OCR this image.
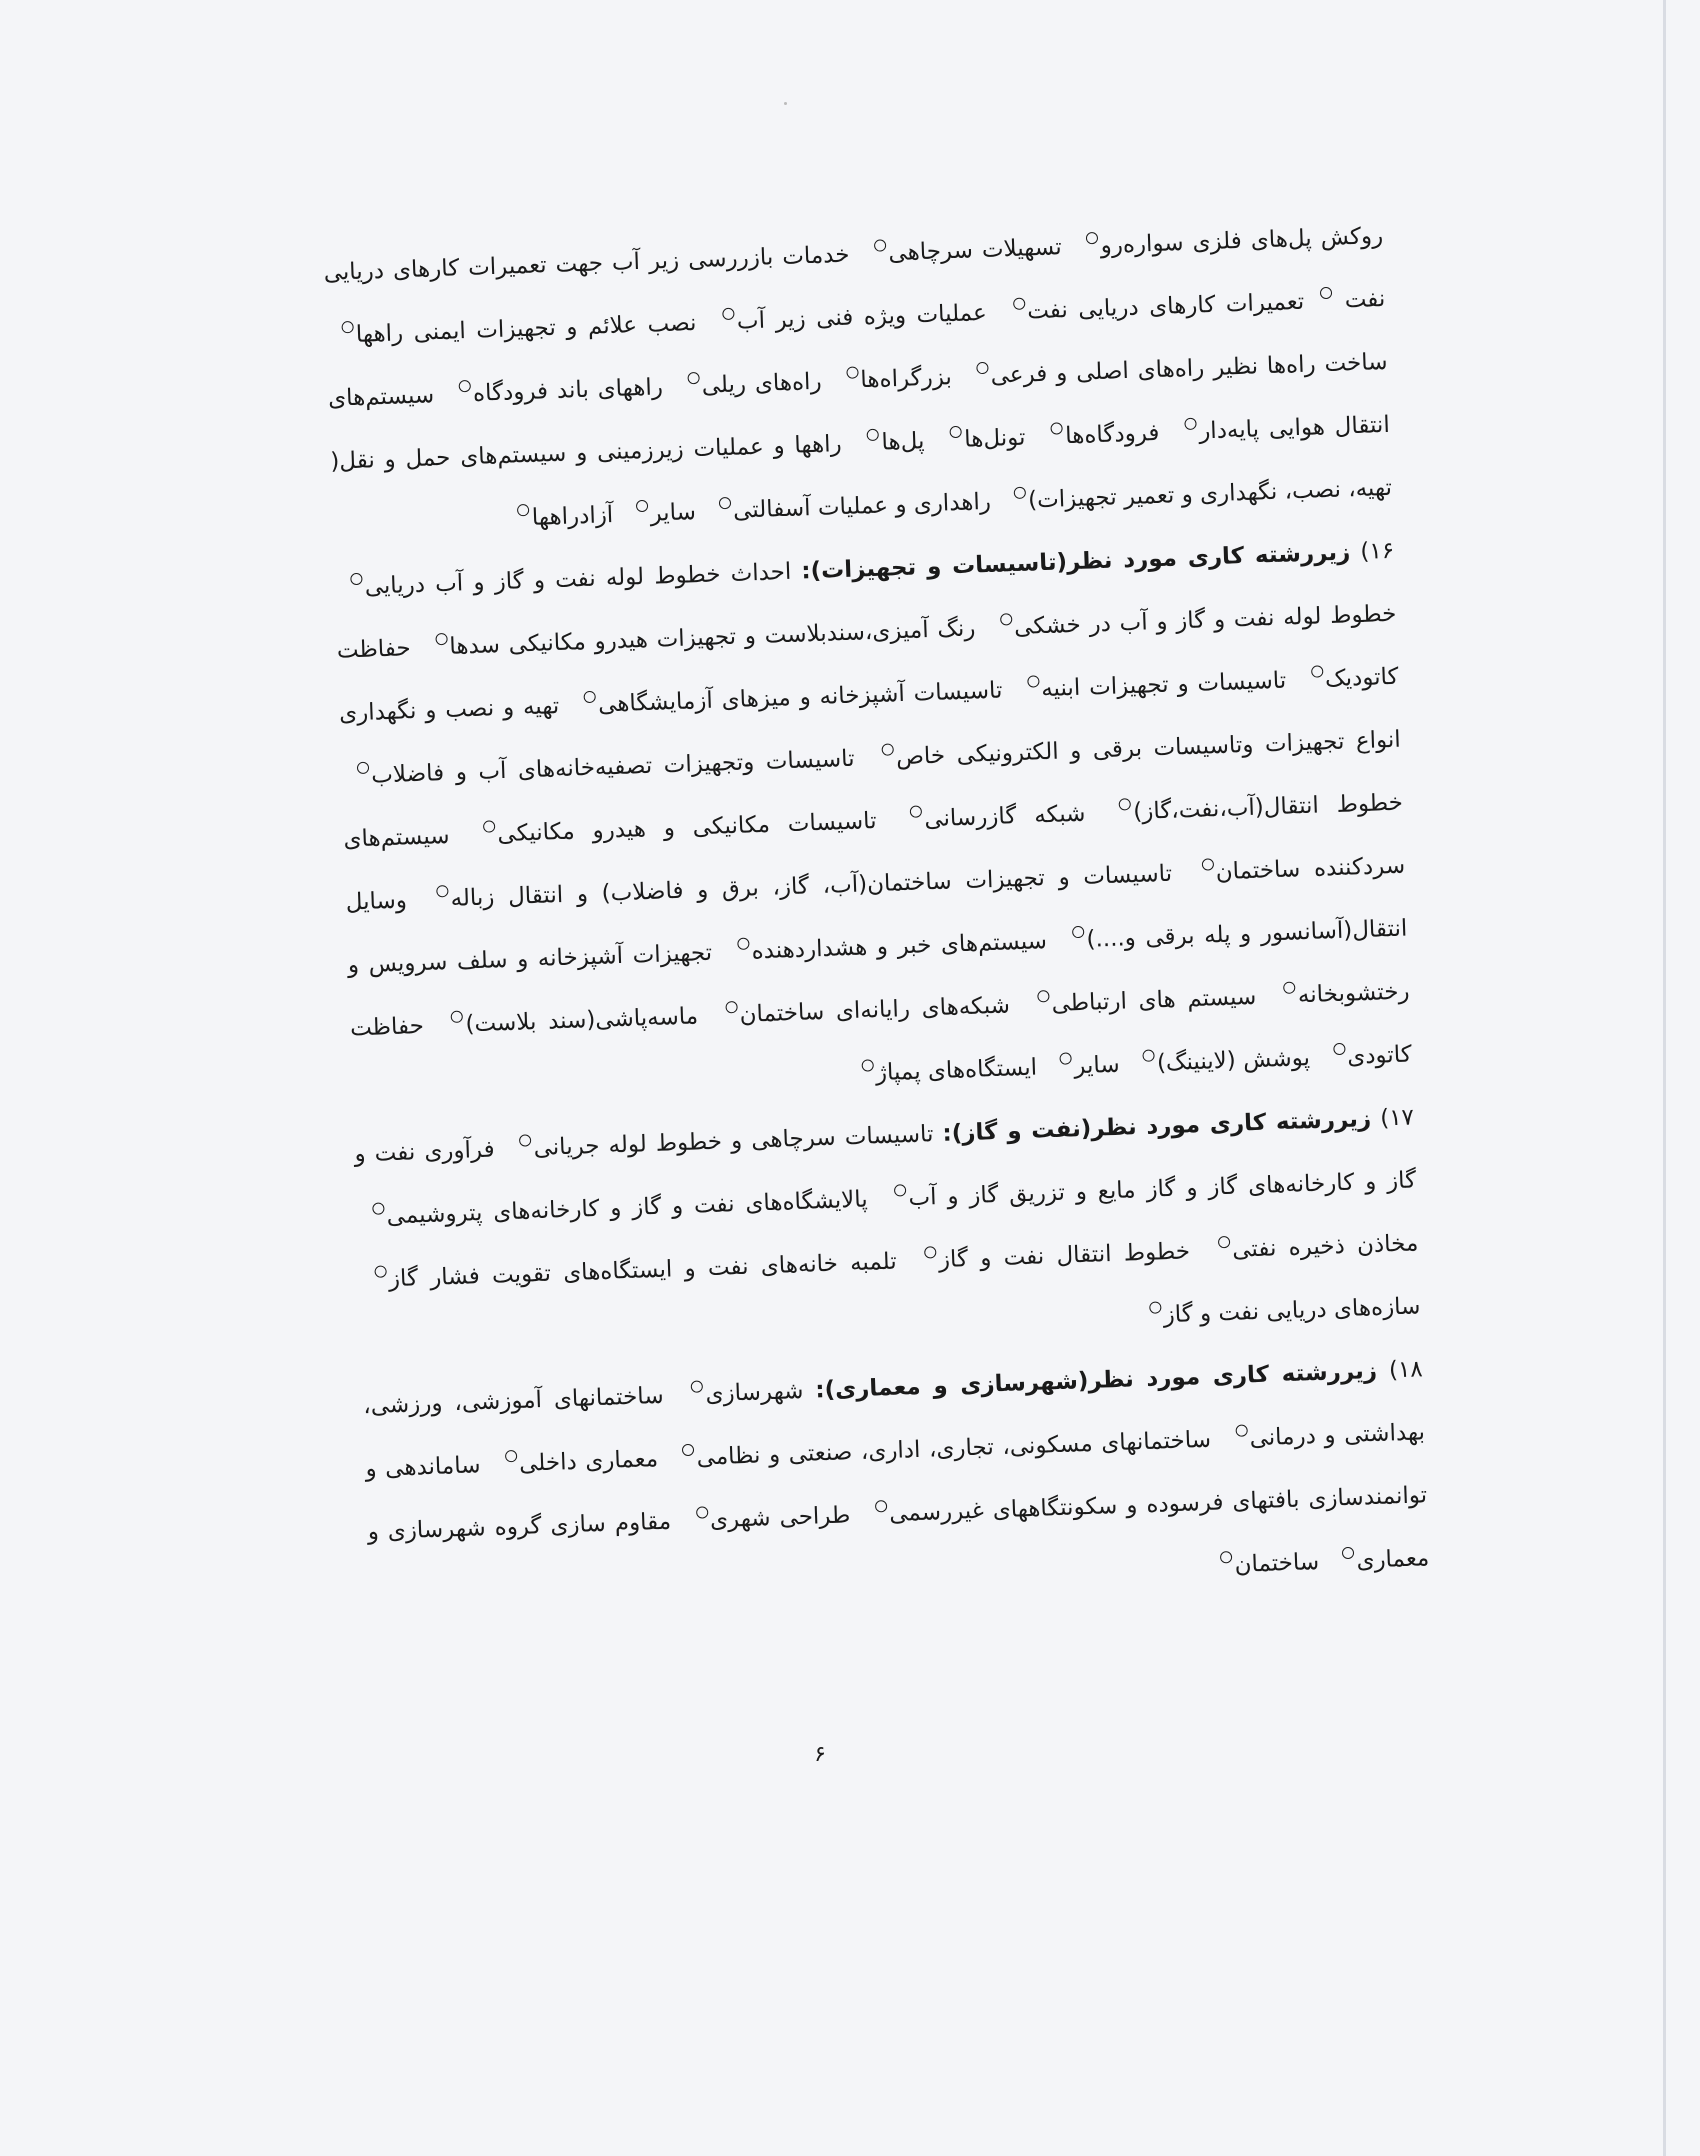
روکش پل‌های فلزی سواره‌رو تسهیلات سرچاهی خدمات بازررسی زیر آب جهت تعمیرات کارهای دریایی نفت تعمیرات کارهای دریایی نفت عملیات ویژه فنی زیر آب نصب علائم و تجهیزات ایمنی راهها ساخت راه‌ها نظیر راه‌های اصلی و فرعی بزرگراه‌ها راه‌های ریلی راههای باند فرودگاه سیستم‌های انتقال هوایی پایه‌دار فرودگاه‌ها تونل‌ها پل‌ها راهها و عملیات زیرزمینی و سیستم‌های حمل و نقل( تهیه، نصب، نگهداری و تعمیر تجهیزات) راهداری و عملیات آسفالتی سایر آزادراهها

۱۶) زیررشته کاری مورد نظر(تاسیسات و تجهیزات): احداث خطوط لوله نفت و گاز و آب دریایی خطوط لوله نفت و گاز و آب در خشکی رنگ آمیزی،سندبلاست و تجهیزات هیدرو مکانیکی سدها حفاظت کاتودیک تاسیسات و تجهیزات ابنیه تاسیسات آشپزخانه و میزهای آزمایشگاهی تهیه و نصب و نگهداری انواع تجهیزات وتاسیسات برقی و الکترونیکی خاص تاسیسات وتجهیزات تصفیه‌خانه‌های آب و فاضلاب خطوط انتقال(آب،نفت،گاز) شبکه گازرسانی تاسیسات مکانیکی و هیدرو مکانیکی سیستم‌های سردکننده ساختمان تاسیسات و تجهیزات ساختمان(آب، گاز، برق و فاضلاب) و انتقال زباله وسایل انتقال(آسانسور و پله برقی و....) سیستم‌های خبر و هشداردهنده تجهیزات آشپزخانه و سلف سرویس و رختشوبخانه سیستم های ارتباطی شبکه‌های رایانه‌ای ساختمان ماسه‌پاشی(سند بلاست) حفاظت کاتودی پوشش (لاینینگ) سایر ایستگاه‌های پمپاژ

۱۷) زیررشته کاری مورد نظر(نفت و گاز): تاسیسات سرچاهی و خطوط لوله جریانی فرآوری نفت و گاز و کارخانه‌های گاز و گاز مایع و تزریق گاز و آب پالایشگاه‌های نفت و گاز و کارخانه‌های پتروشیمی مخاذن ذخیره نفتی خطوط انتقال نفت و گاز تلمبه خانه‌های نفت و ایستگاه‌های تقویت فشار گاز سازه‌های دریایی نفت و گاز

۱۸) زیررشته کاری مورد نظر(شهرسازی و معماری): شهرسازی ساختمانهای آموزشی، ورزشی، بهداشتی و درمانی ساختمانهای مسکونی، تجاری، اداری، صنعتی و نظامی معماری داخلی ساماندهی و توانمندسازی بافتهای فرسوده و سکونتگاههای غیررسمی طراحی شهری مقاوم سازی گروه شهرسازی و معماری ساختمان

۶
